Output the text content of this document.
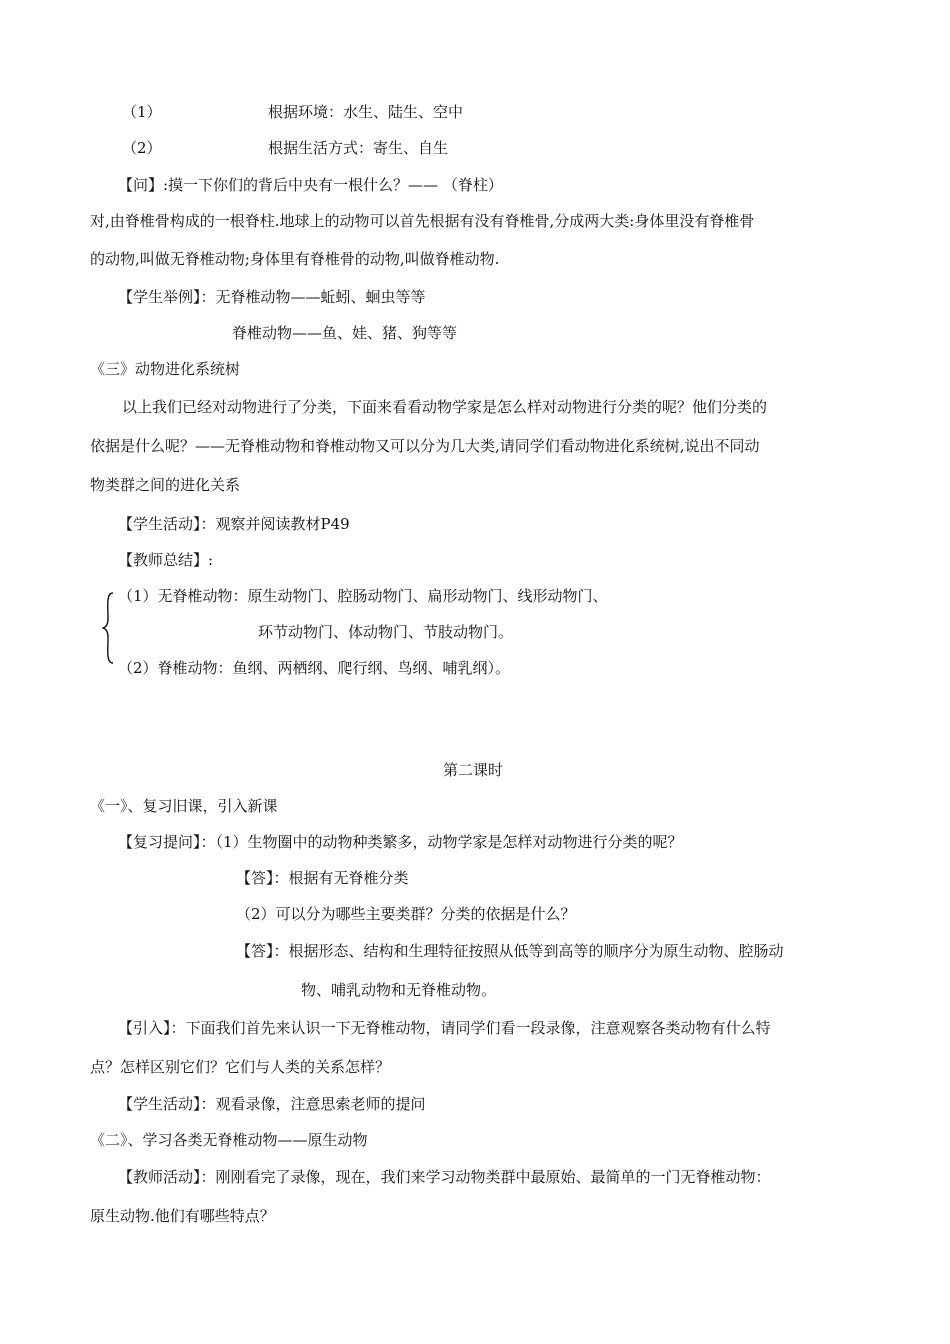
（1）	根据环境：水生、陆生、空中
（2）	根据生活方式：寄生、自生
【问】:摸一下你们的背后中央有一根什么？—— （脊柱）
对,由脊椎骨构成的一根脊柱.地球上的动物可以首先根据有没有脊椎骨,分成两大类:身体里没有脊椎骨
的动物,叫做无脊椎动物;身体里有脊椎骨的动物,叫做脊椎动物.
【学生举例】：无脊椎动物——蚯蚓、蛔虫等等
脊椎动物——鱼、娃、猪、狗等等
《三》动物进化系统树
以上我们已经对动物进行了分类，下面来看看动物学家是怎么样对动物进行分类的呢？他们分类的
依据是什么呢？——无脊椎动物和脊椎动物又可以分为几大类,请同学们看动物进化系统树,说出不同动
物类群之间的进化关系
【学生活动】：观察并阅读教材P49
【教师总结】:
（1）无脊椎动物：原生动物门、腔肠动物门、扁形动物门、线形动物门、
环节动物门、体动物门、节肢动物门。
（2）脊椎动物：鱼纲、两栖纲、爬行纲、鸟纲、哺乳纲）。
第二课时
《一》、复习旧课，引入新课
【复习提问】：（1）生物圈中的动物种类繁多，动物学家是怎样对动物进行分类的呢？
【答】：根据有无脊椎分类
（2）可以分为哪些主要类群？分类的依据是什么？
【答】：根据形态、结构和生理特征按照从低等到高等的顺序分为原生动物、腔肠动
物、哺乳动物和无脊椎动物。
【引入】：下面我们首先来认识一下无脊椎动物，请同学们看一段录像，注意观察各类动物有什么特
点？怎样区别它们？它们与人类的关系怎样？
【学生活动】：观看录像，注意思索老师的提问
《二》、学习各类无脊椎动物——原生动物
【教师活动】：刚刚看完了录像，现在，我们来学习动物类群中最原始、最简单的一门无脊椎动物：
原生动物.他们有哪些特点？
